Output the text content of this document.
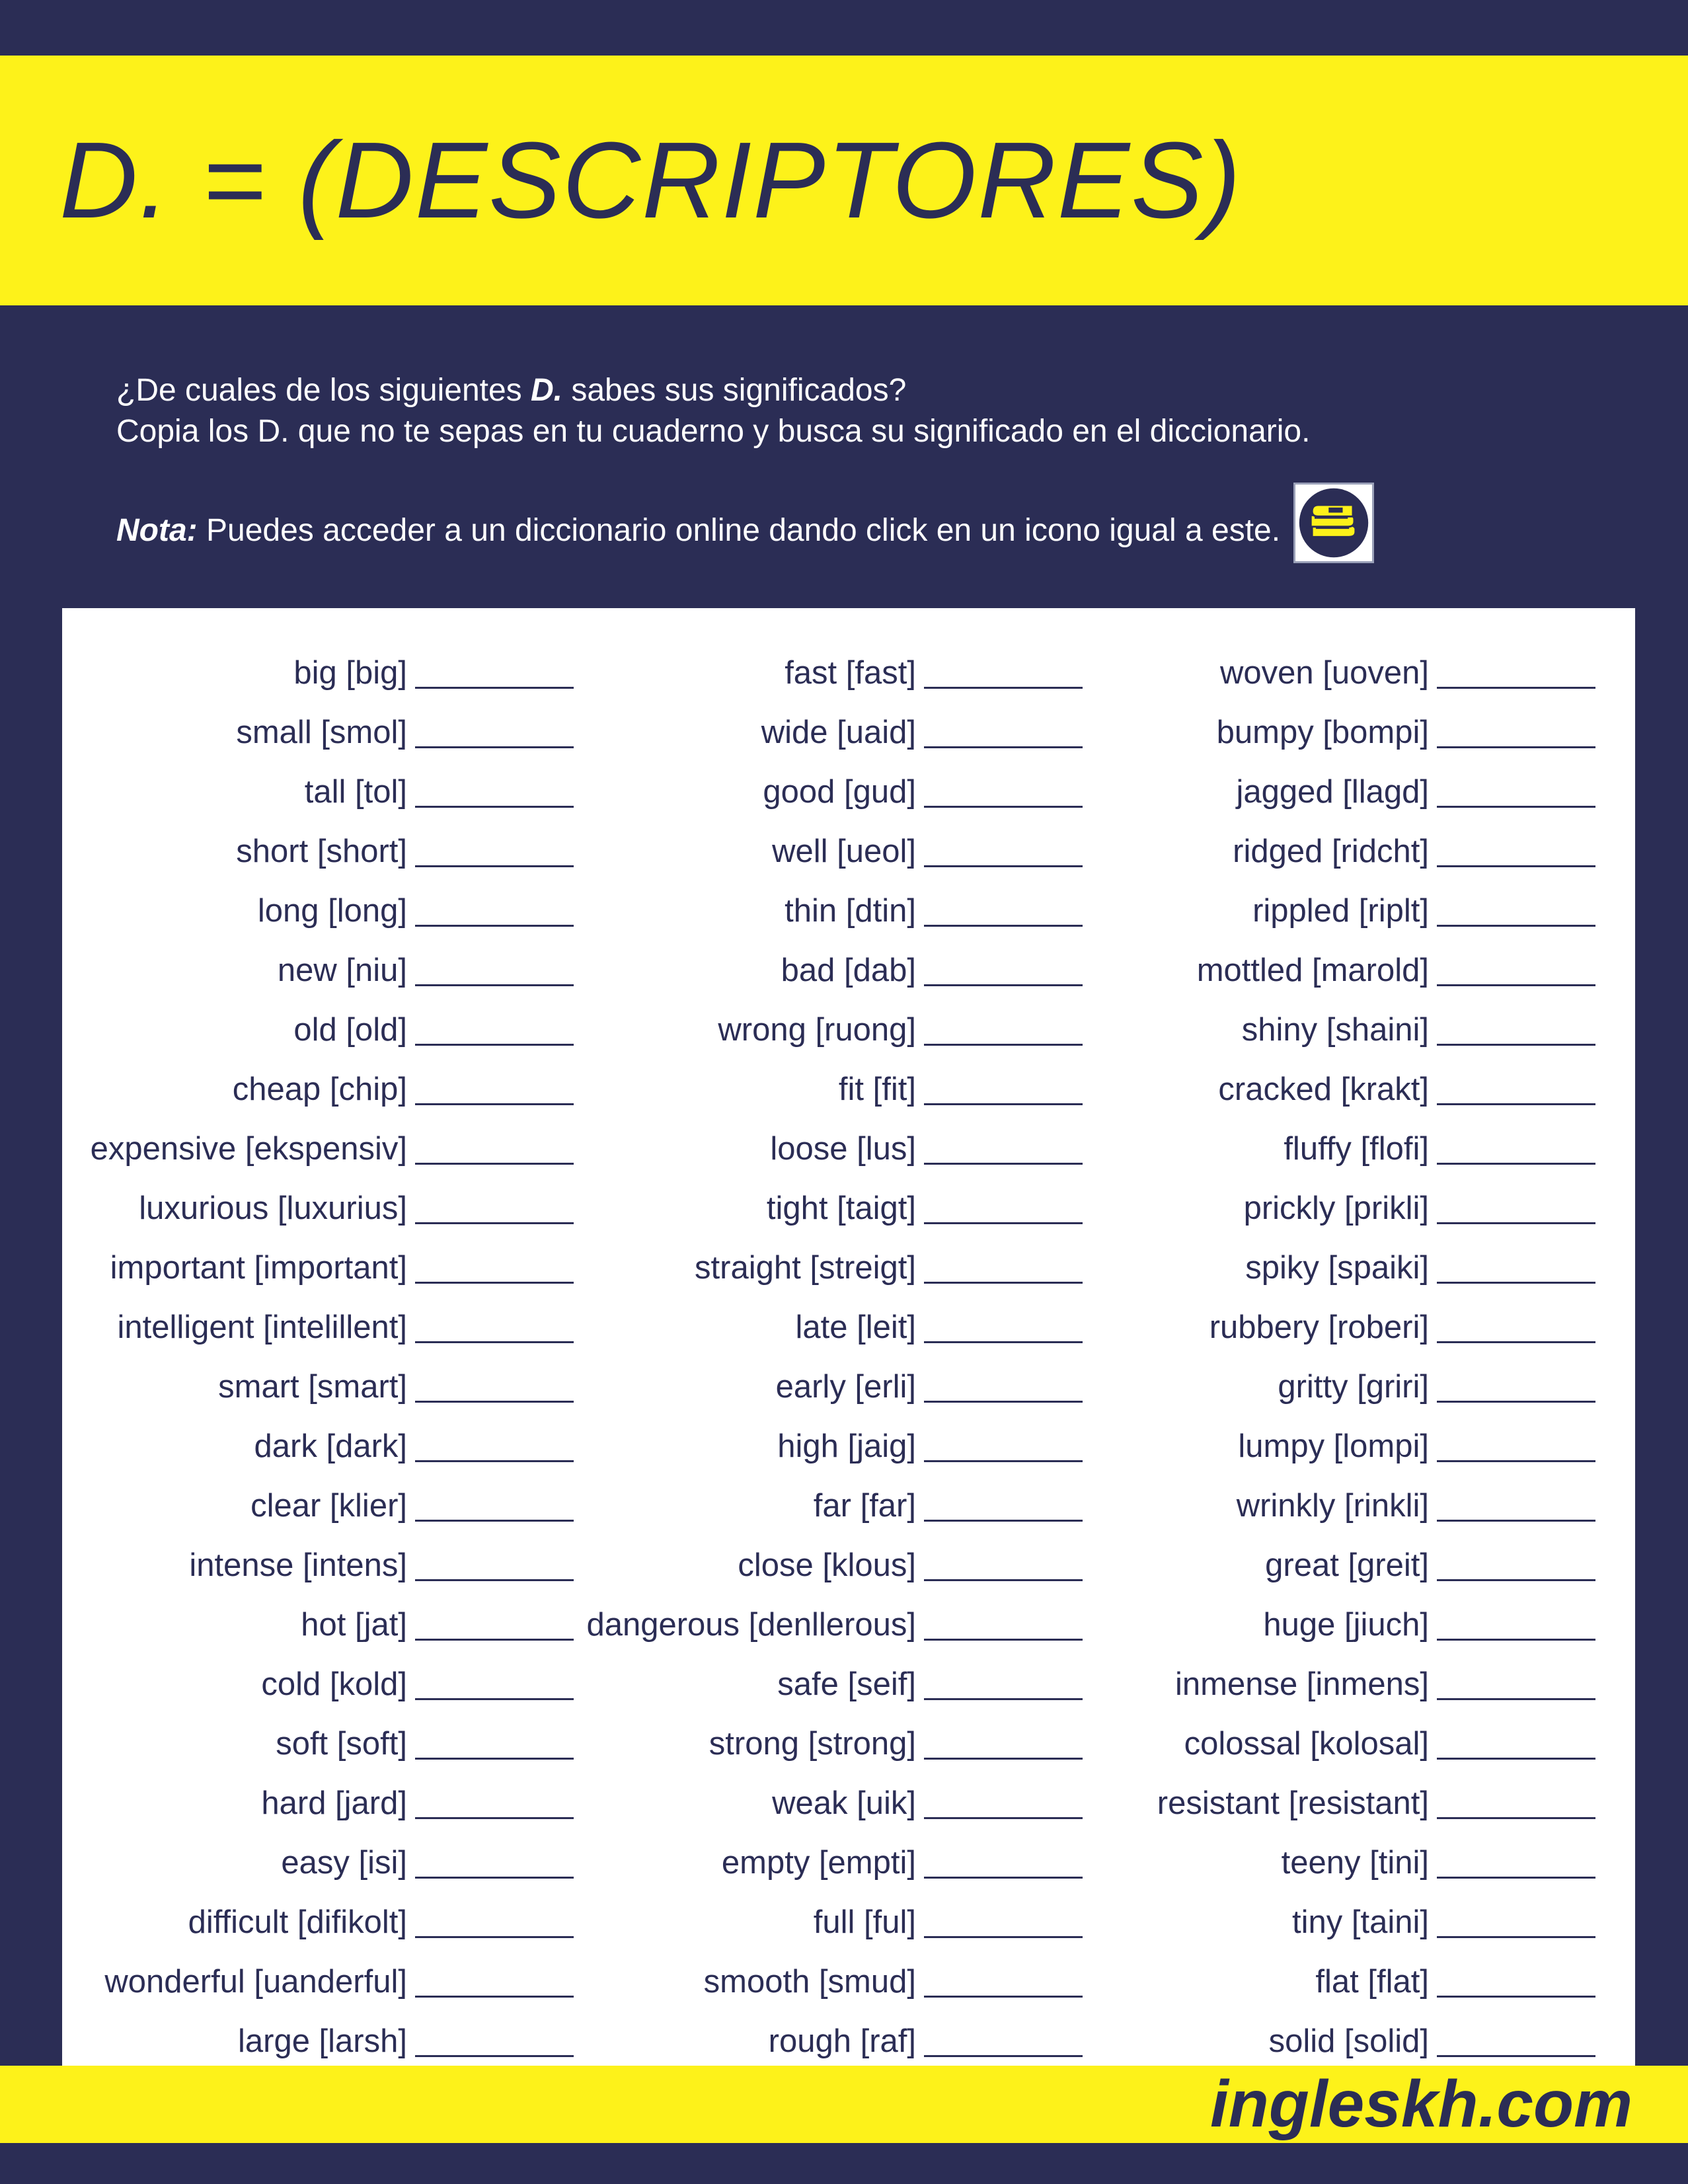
D. = (DESCRIPTORES)

¿De cuales de los siguientes D. sabes sus significados?

Copia los D. que no te sepas en tu cuaderno y busca su significado en el diccionario.

Nota: Puedes acceder a un diccionario online dando click en un icono igual a este.

big [big]
small [smol]
tall [tol]
short [short]
long [long]
new [niu]
old [old]
cheap [chip]
expensive [ekspensiv]
luxurious [luxurius]
important [important]
intelligent [intelillent]
smart [smart]
dark [dark]
clear [klier]
intense [intens]
hot [jat]
cold [kold]
soft [soft]
hard [jard]
easy [isi]
difficult [difikolt]
wonderful [uanderful]
large [larsh]
fast [fast]
wide [uaid]
good [gud]
well [ueol]
thin [dtin]
bad [dab]
wrong [ruong]
fit [fit]
loose [lus]
tight [taigt]
straight [streigt]
late [leit]
early [erli]
high [jaig]
far [far]
close [klous]
dangerous [denllerous]
safe [seif]
strong [strong]
weak [uik]
empty [empti]
full [ful]
smooth [smud]
rough [raf]
woven [uoven]
bumpy [bompi]
jagged [llagd]
ridged [ridcht]
rippled [riplt]
mottled [marold]
shiny [shaini]
cracked [krakt]
fluffy [flofi]
prickly [prikli]
spiky [spaiki]
rubbery [roberi]
gritty [griri]
lumpy [lompi]
wrinkly [rinkli]
great [greit]
huge [jiuch]
inmense [inmens]
colossal [kolosal]
resistant [resistant]
teeny [tini]
tiny [taini]
flat [flat]
solid [solid]
ingleskh.com
